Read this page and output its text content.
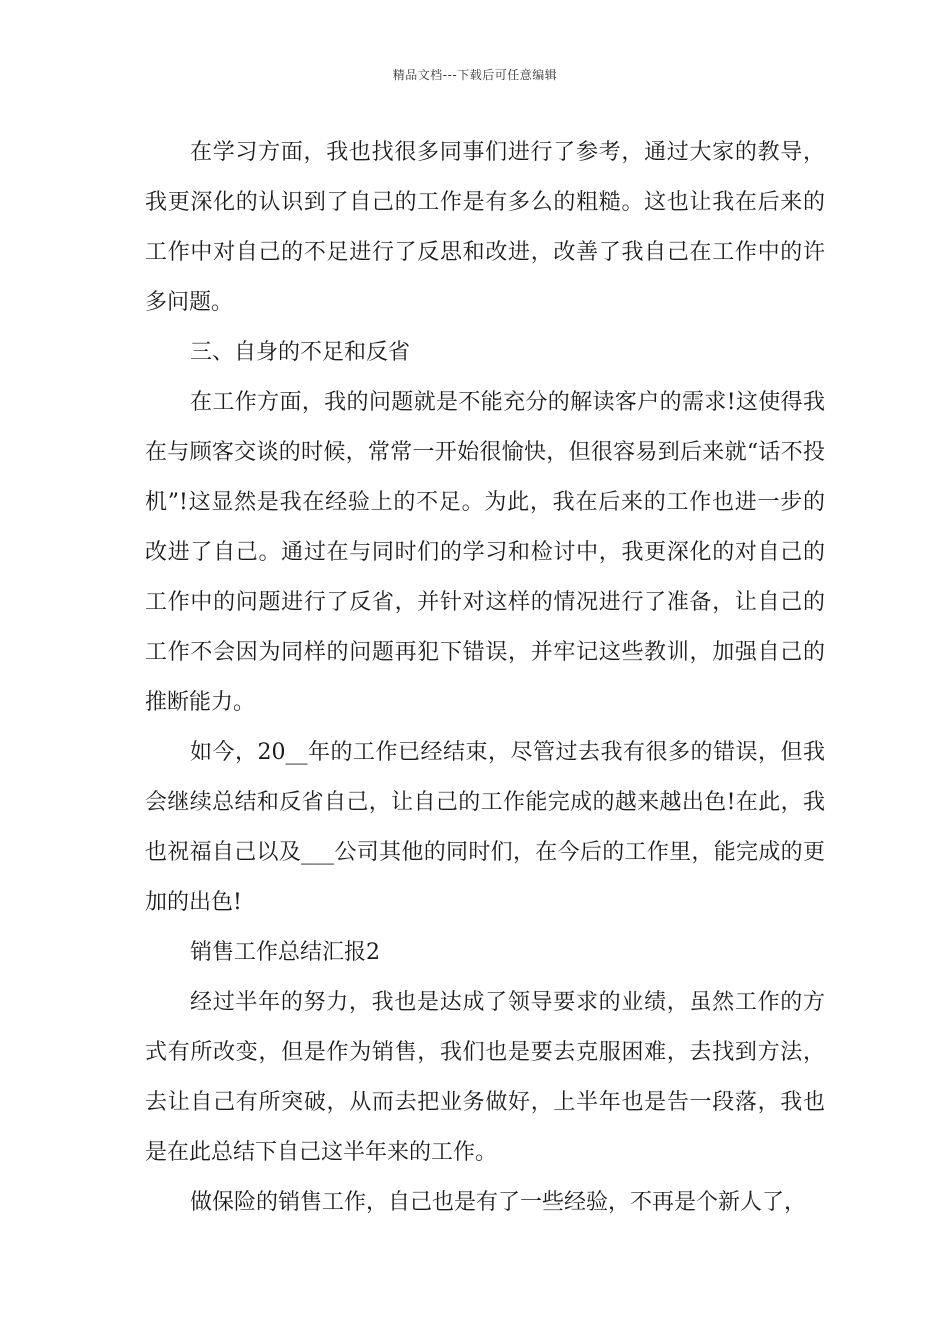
精品文档---下载后可任意编辑

在学习方面，我也找很多同事们进行了参考，通过大家的教导，我更深化的认识到了自己的工作是有多么的粗糙。这也让我在后来的工作中对自己的不足进行了反思和改进，改善了我自己在工作中的许多问题。

三、自身的不足和反省

在工作方面，我的问题就是不能充分的解读客户的需求!这使得我在与顾客交谈的时候，常常一开始很愉快，但很容易到后来就“话不投机”!这显然是我在经验上的不足。为此，我在后来的工作也进一步的改进了自己。通过在与同时们的学习和检讨中，我更深化的对自己的工作中的问题进行了反省，并针对这样的情况进行了准备，让自己的工作不会因为同样的问题再犯下错误，并牢记这些教训，加强自己的推断能力。

如今，20__年的工作已经结束，尽管过去我有很多的错误，但我会继续总结和反省自己，让自己的工作能完成的越来越出色!在此，我也祝福自己以及___公司其他的同时们，在今后的工作里，能完成的更加的出色!

销售工作总结汇报2

经过半年的努力，我也是达成了领导要求的业绩，虽然工作的方式有所改变，但是作为销售，我们也是要去克服困难，去找到方法，去让自己有所突破，从而去把业务做好，上半年也是告一段落，我也是在此总结下自己这半年来的工作。

做保险的销售工作，自己也是有了一些经验，不再是个新人了，
